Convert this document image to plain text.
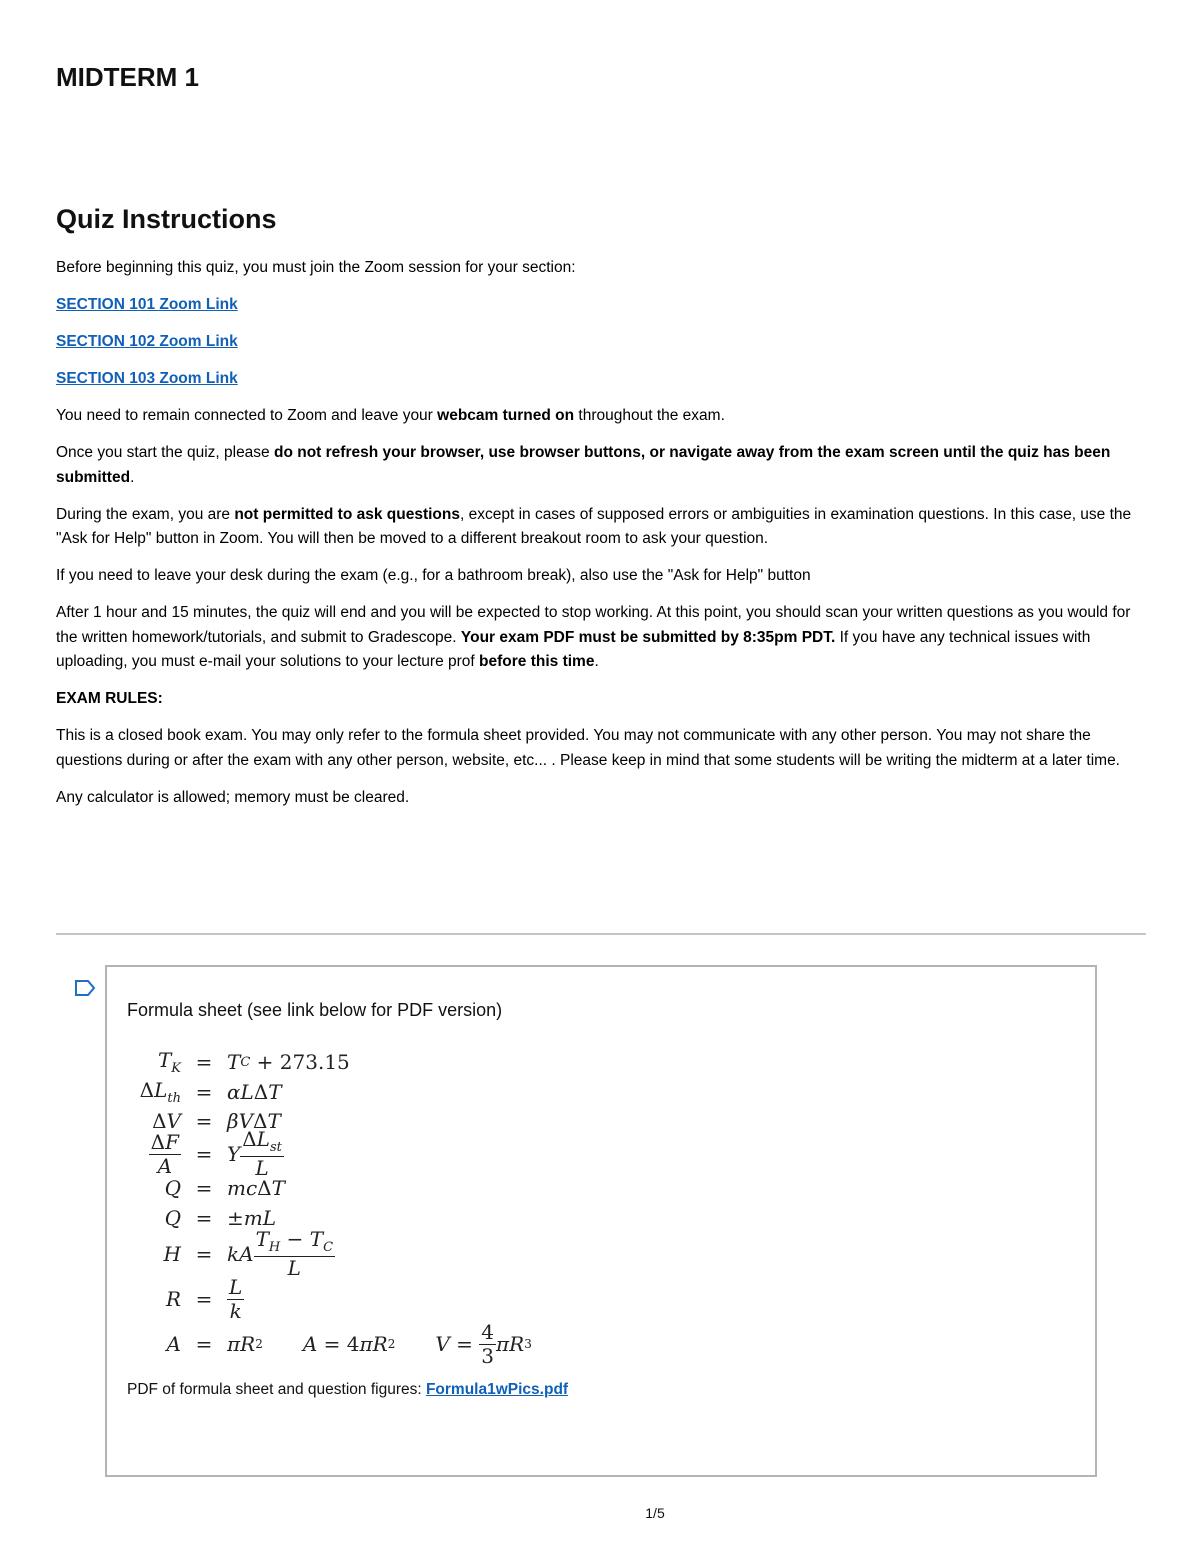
MIDTERM 1
Quiz Instructions

Before beginning this quiz, you must join the Zoom session for your section:

SECTION 101 Zoom Link

SECTION 102 Zoom Link

SECTION 103 Zoom Link

You need to remain connected to Zoom and leave your webcam turned on throughout the exam.

Once you start the quiz, please do not refresh your browser, use browser buttons, or navigate away from the exam screen until the quiz has been submitted.

During the exam, you are not permitted to ask questions, except in cases of supposed errors or ambiguities in examination questions. In this case, use the "Ask for Help" button in Zoom. You will then be moved to a different breakout room to ask your question.

If you need to leave your desk during the exam (e.g., for a bathroom break), also use the "Ask for Help" button

After 1 hour and 15 minutes, the quiz will end and you will be expected to stop working. At this point, you should scan your written questions as you would for the written homework/tutorials, and submit to Gradescope. Your exam PDF must be submitted by 8:35pm PDT. If you have any technical issues with uploading, you must e-mail your solutions to your lecture prof before this time.

EXAM RULES:

This is a closed book exam. You may only refer to the formula sheet provided. You may not communicate with any other person. You may not share the questions during or after the exam with any other person, website, etc... . Please keep in mind that some students will be writing the midterm at a later time.

Any calculator is allowed; memory must be cleared.

Formula sheet (see link below for PDF version)
$T_K = T$ C
+ 273.15
$\Delta L_{th} = \alpha L$ Δ T
ΔV = βV Δ T
$\frac{\Delta F}{A} = Y \frac{\Delta L_{st}}{L}$
Q = mc Δ T
Q = ± mL
H = kA $\frac{T_H - T_C}{L}$
$R = \frac{L}{k}$
A = πR 2 A = 4 πR 2 $V = \frac{4}{3}$ πR 3
PDF of formula sheet and question figures: Formula1wPics.pdf
1/5
